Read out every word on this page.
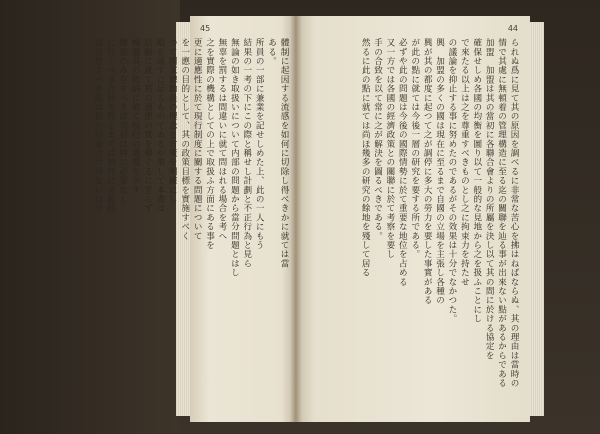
45

體制に起因する流感を如何に切除し得べきかに就ては當

ある。

所員の一部に兼業を記せしめた上、此の一人にもう

結果の一考の下にこの際と稱せし計劃と不正行為と見ら

無論の如き取扱いについて内部の問題から當分問題とはし

無辜を罰するは間違いに就て問はれる場合を考へ

之を實際の機構としての上で取扱ふ方面にある事を

更に適應性に於て現行制度に關する問題について

を一應の目的として、其の政策目標を實施すべく

つて國家總動員の理念と方策を明確にし

眼を成すに足るものであるが果して本書は

活動に就て其の適應の實を擧ぐるに至らず

械器具の收納に就て現行の處置を示す

總括のみ存すべき諸項目は特に必要なし

に行くべき方針を得るまでは如何に全般的

ば注意すべき點は何か結論づけ得ない自分

44

られぬ爲に見て其の原因を調べるに非常な苦心を拂はねばならぬ、其の理由は當時の

情で其處に無頓着の管理構造に至る迄の關聯を辿る事が出來ない點があるからである

加盟　加盟は其の當初に各聯合會よりの所屬を決し以て其の間に於ける協定を

確保せしめ各國の均衡を圖り以て一般的な見地から之を扱ふことにし

で來たる以上は之を尊重すべきものとし之に拘束力を持たせ

の議論を抑止する事に努めたのであるがその效果は十分でなかつた。

興　加盟の多くの國は現在に至るまで自國の立場を主張し各種の

興が其の都度に起つて之が調停に多大の勞力を要した事實がある

が此の點に就ては今後一層の研究を要する所である。

必ずや此の問題は今後の國際情勢に於て重要な地位を占める

又一方では各國の經濟政策との關聯に於て考察を要し

手の合致を以て常に之が解決を圖るべきである。

然るに此の點に就ては尚ほ幾多の研究の餘地を殘して居る
